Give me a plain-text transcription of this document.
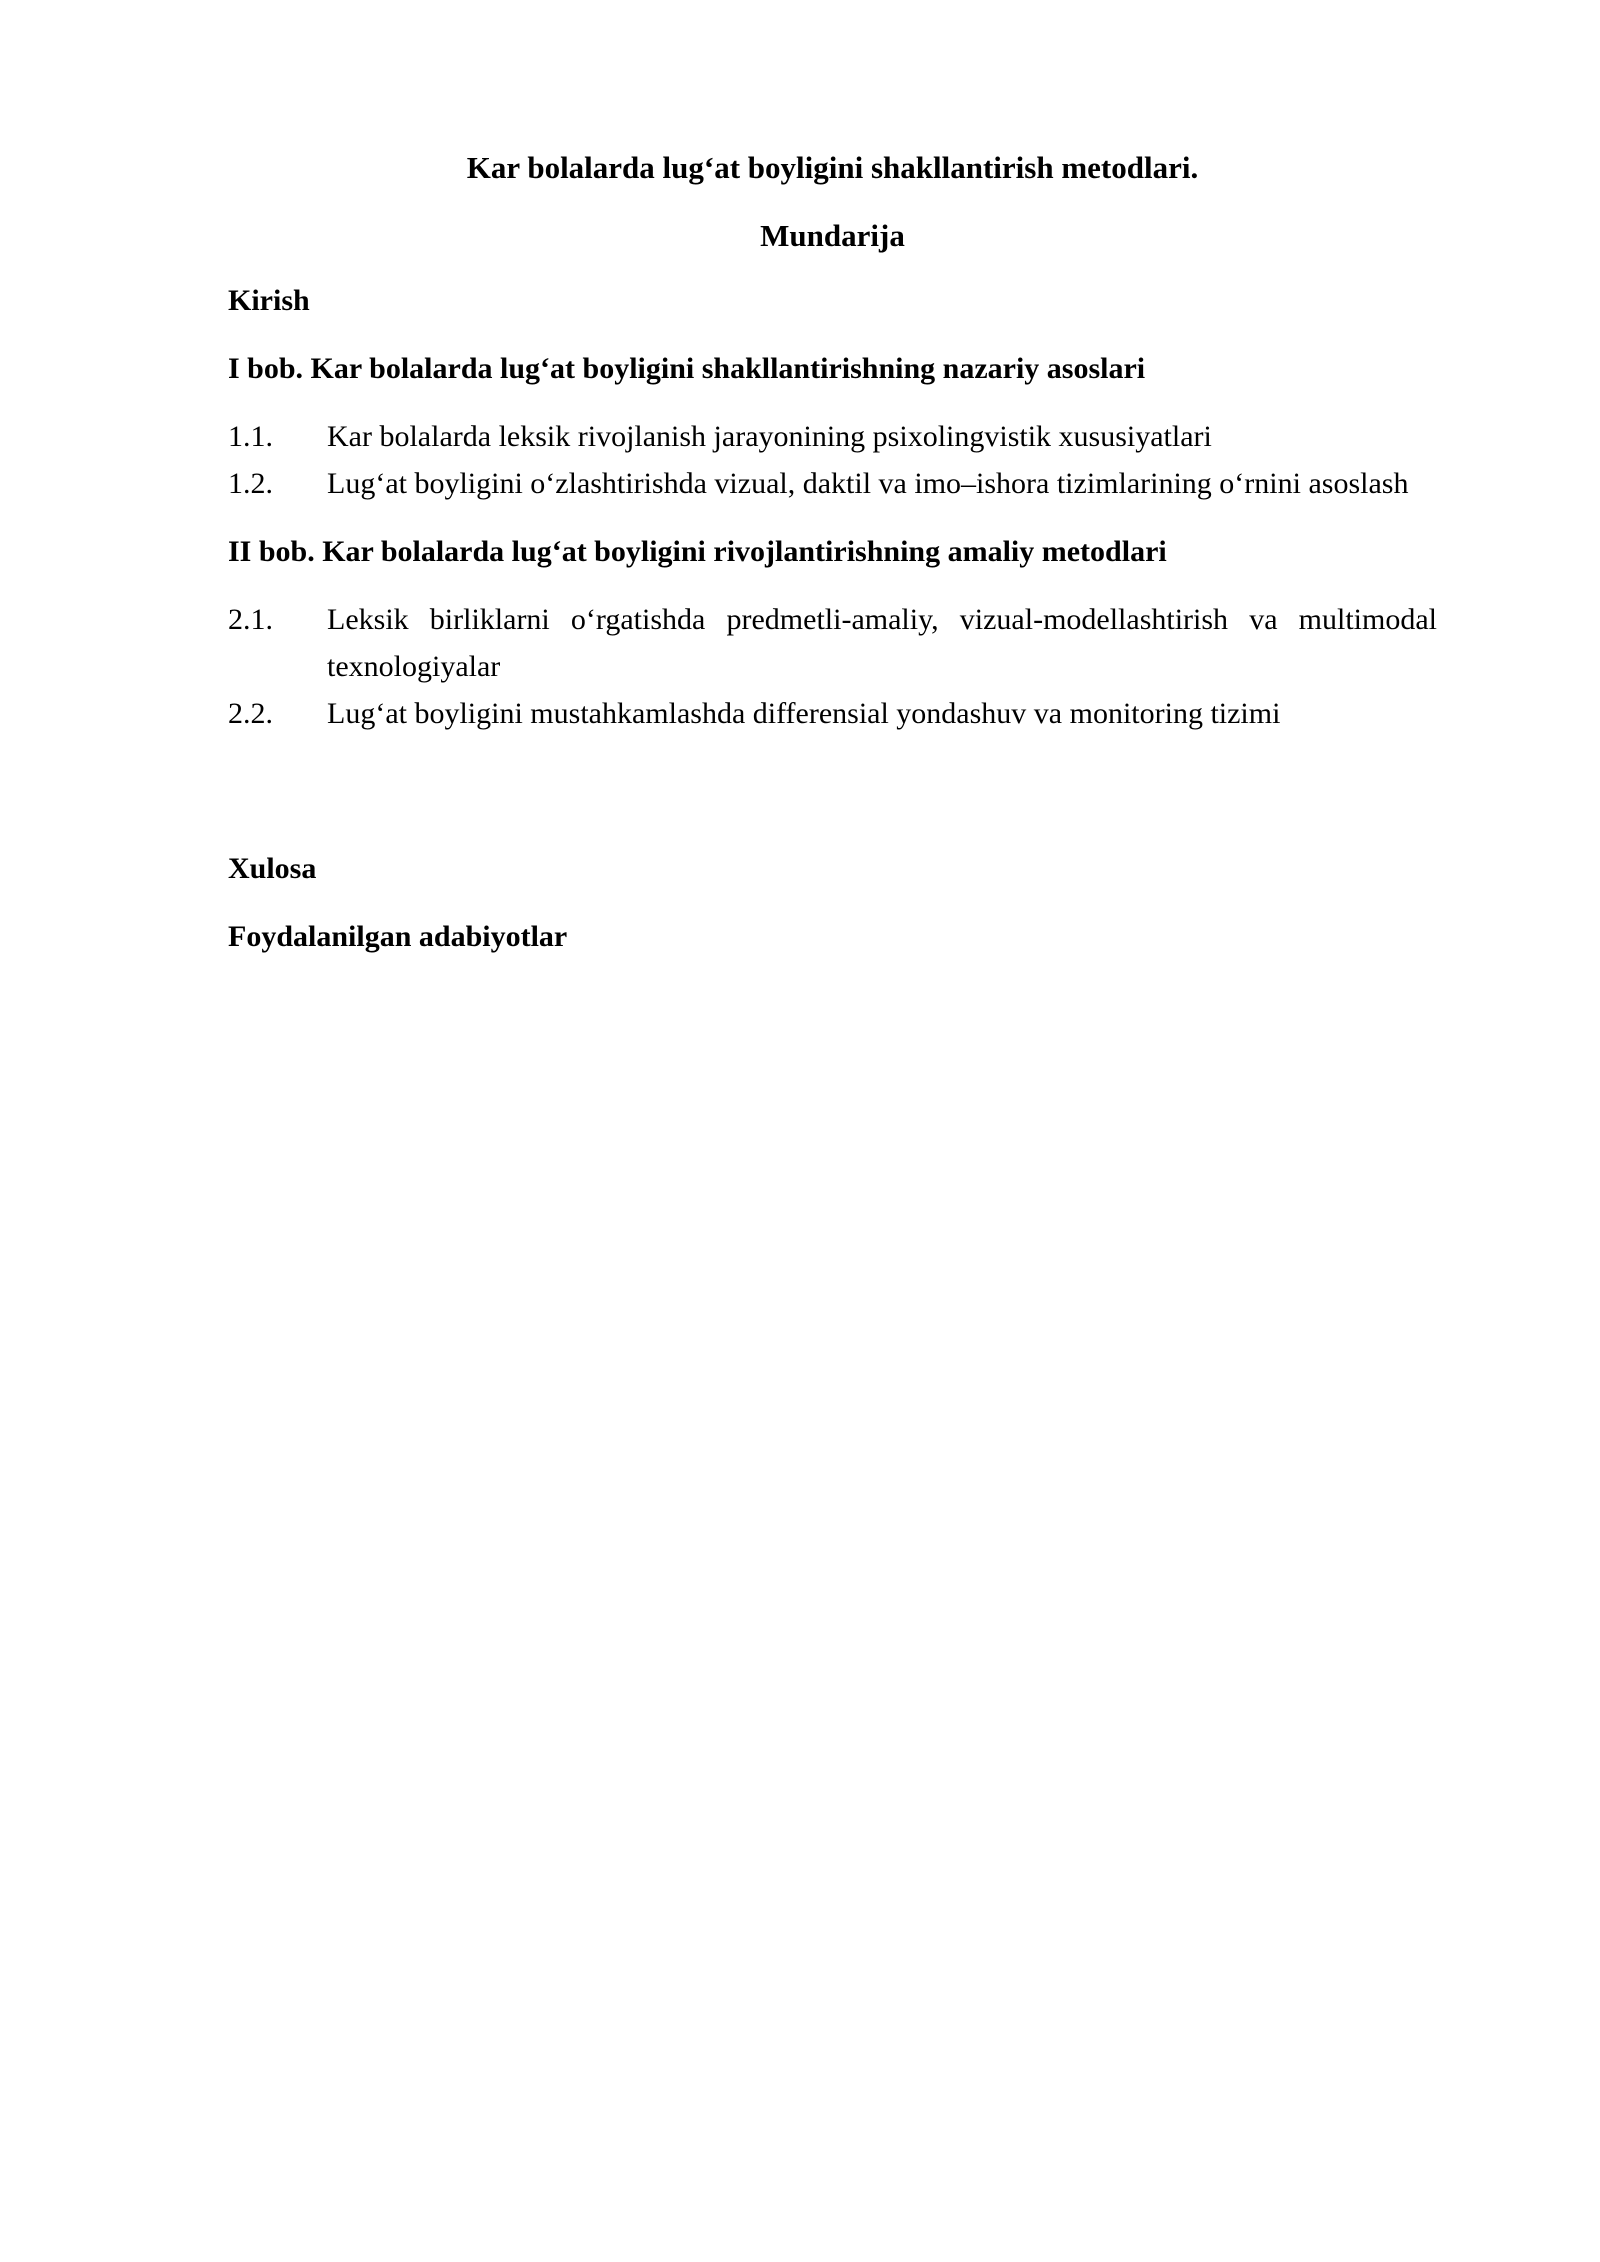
Kar bolalarda lug‘at boyligini shakllantirish metodlari.
Mundarija

Kirish

I bob. Kar bolalarda lug‘at boyligini shakllantirishning nazariy asoslari

1.1.	Kar bolalarda leksik rivojlanish jarayonining psixolingvistik xususiyatlari
1.2.	Lug‘at boyligini o‘zlashtirishda vizual, daktil va imo–ishora tizimlarining o‘rnini asoslash

II bob. Kar bolalarda lug‘at boyligini rivojlantirishning amaliy metodlari

2.1.	Leksik birliklarni o‘rgatishda predmetli-amaliy, vizual-modellashtirish va multimodal texnologiyalar
2.2.	Lug‘at boyligini mustahkamlashda differensial yondashuv va monitoring tizimi

Xulosa

Foydalanilgan adabiyotlar
